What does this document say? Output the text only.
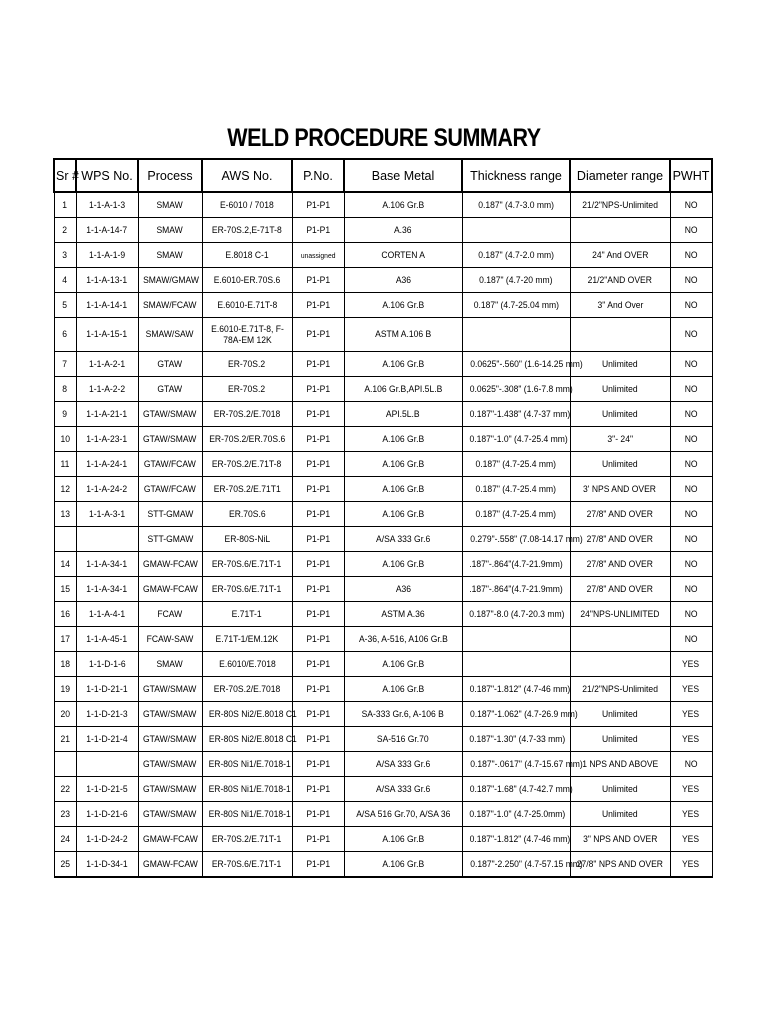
WELD PROCEDURE SUMMARY
Sr #	WPS No.	Process	AWS No.	P.No.	Base Metal	Thickness range	Diameter range	PWHT
1	1-1-A-1-3	SMAW	E-6010 / 7018	P1-P1	A.106 Gr.B	0.187" (4.7-3.0 mm)	21/2"NPS-Unlimited	NO
2	1-1-A-14-7	SMAW	ER-70S.2,E-71T-8	P1-P1	A.36			NO
3	1-1-A-1-9	SMAW	E.8018 C-1	unassigned	CORTEN A	0.187" (4.7-2.0 mm)	24" And OVER	NO
4	1-1-A-13-1	SMAW/GMAW	E.6010-ER.70S.6	P1-P1	A36	0.187" (4.7-20 mm)	21/2"AND OVER	NO
5	1-1-A-14-1	SMAW/FCAW	E.6010-E.71T-8	P1-P1	A.106 Gr.B	0.187" (4.7-25.04 mm)	3" And Over	NO
6	1-1-A-15-1	SMAW/SAW	E.6010-E.71T-8, F-78A-EM 12K	P1-P1	ASTM A.106 B			NO
7	1-1-A-2-1	GTAW	ER-70S.2	P1-P1	A.106 Gr.B	0.0625"-.560" (1.6-14.25 mm)	Unlimited	NO
8	1-1-A-2-2	GTAW	ER-70S.2	P1-P1	A.106 Gr.B,API.5L.B	0.0625"-.308" (1.6-7.8 mm)	Unlimited	NO
9	1-1-A-21-1	GTAW/SMAW	ER-70S.2/E.7018	P1-P1	API.5L.B	0.187"-1.438" (4.7-37 mm)	Unlimited	NO
10	1-1-A-23-1	GTAW/SMAW	ER-70S.2/ER.70S.6	P1-P1	A.106 Gr.B	0.187"-1.0" (4.7-25.4 mm)	3"- 24"	NO
11	1-1-A-24-1	GTAW/FCAW	ER-70S.2/E.71T-8	P1-P1	A.106 Gr.B	0.187" (4.7-25.4 mm)	Unlimited	NO
12	1-1-A-24-2	GTAW/FCAW	ER-70S.2/E.71T1	P1-P1	A.106 Gr.B	0.187" (4.7-25.4 mm)	3' NPS AND OVER	NO
13	1-1-A-3-1	STT-GMAW	ER.70S.6	P1-P1	A.106 Gr.B	0.187" (4.7-25.4 mm)	27/8" AND OVER	NO
		STT-GMAW	ER-80S-NiL	P1-P1	A/SA 333 Gr.6	0.279"-.558" (7.08-14.17 mm)	27/8" AND OVER	NO
14	1-1-A-34-1	GMAW-FCAW	ER-70S.6/E.71T-1	P1-P1	A.106 Gr.B	.187"-.864"(4.7-21.9mm)	27/8" AND OVER	NO
15	1-1-A-34-1	GMAW-FCAW	ER-70S.6/E.71T-1	P1-P1	A36	.187"-.864"(4.7-21.9mm)	27/8" AND OVER	NO
16	1-1-A-4-1	FCAW	E.71T-1	P1-P1	ASTM A.36	0.187"-8.0 (4.7-20.3 mm)	24"NPS-UNLIMITED	NO
17	1-1-A-45-1	FCAW-SAW	E.71T-1/EM.12K	P1-P1	A-36, A-516, A106 Gr.B			NO
18	1-1-D-1-6	SMAW	E.6010/E.7018	P1-P1	A.106 Gr.B			YES
19	1-1-D-21-1	GTAW/SMAW	ER-70S.2/E.7018	P1-P1	A.106 Gr.B	0.187"-1.812" (4.7-46 mm)	21/2"NPS-Unlimited	YES
20	1-1-D-21-3	GTAW/SMAW	ER-80S Ni2/E.8018 C1	P1-P1	SA-333 Gr.6, A-106 B	0.187"-1.062" (4.7-26.9 mm)	Unlimited	YES
21	1-1-D-21-4	GTAW/SMAW	ER-80S Ni2/E.8018 C1	P1-P1	SA-516 Gr.70	0.187"-1.30" (4.7-33 mm)	Unlimited	YES
		GTAW/SMAW	ER-80S Ni1/E.7018-1	P1-P1	A/SA 333 Gr.6	0.187"-.0617" (4.7-15.67 mm)	1 NPS AND ABOVE	NO
22	1-1-D-21-5	GTAW/SMAW	ER-80S Ni1/E.7018-1	P1-P1	A/SA 333 Gr.6	0.187"-1.68" (4.7-42.7 mm)	Unlimited	YES
23	1-1-D-21-6	GTAW/SMAW	ER-80S Ni1/E.7018-1	P1-P1	A/SA 516 Gr.70, A/SA 36	0.187"-1.0" (4.7-25.0mm)	Unlimited	YES
24	1-1-D-24-2	GMAW-FCAW	ER-70S.2/E.71T-1	P1-P1	A.106 Gr.B	0.187"-1.812" (4.7-46 mm)	3" NPS AND OVER	YES
25	1-1-D-34-1	GMAW-FCAW	ER-70S.6/E.71T-1	P1-P1	A.106 Gr.B	0.187"-2.250" (4.7-57.15 mm)	27/8" NPS AND OVER	YES
